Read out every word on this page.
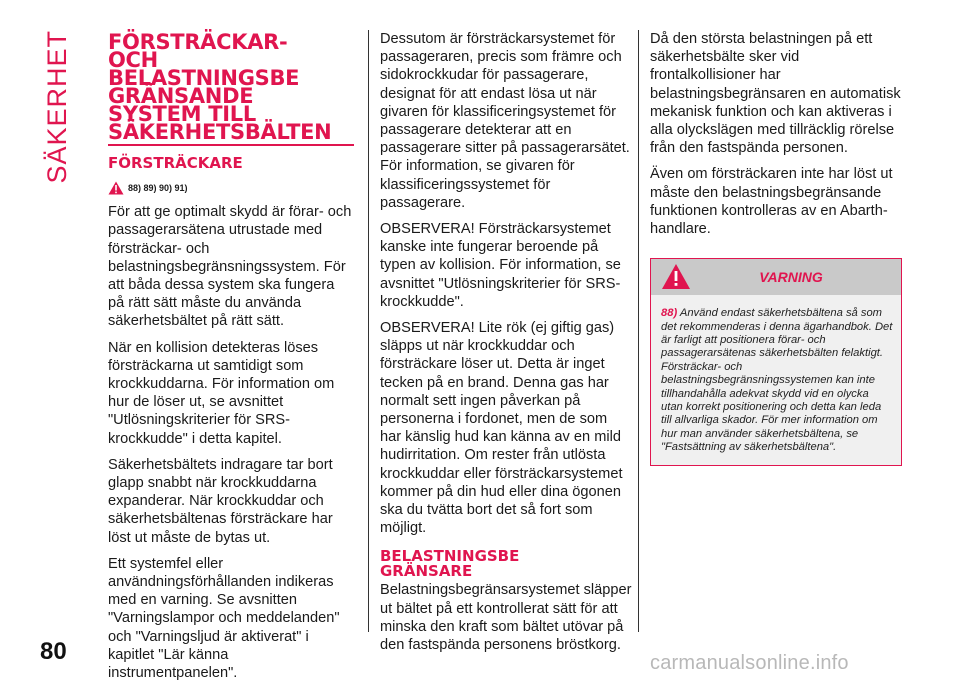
SÄKERHET FÖRSTRÄCKAR-
OCH
BELASTNINGSBE
GRÄNSANDE
SYSTEM TILL
SÄKERHETSBÄLTEN
FÖRSTRÄCKARE
88) 89) 90) 91)

För att ge optimalt skydd är förar- och passagerarsätena utrustade med försträckar- och belastningsbegränsningssystem. För att båda dessa system ska fungera på rätt sätt måste du använda säkerhetsbältet på rätt sätt.

När en kollision detekteras löses försträckarna ut samtidigt som krockkuddarna. För information om hur de löser ut, se avsnittet "Utlösningskriterier för SRS-krockkudde" i detta kapitel.

Säkerhetsbältets indragare tar bort glapp snabbt när krockkuddarna expanderar. När krockkuddar och säkerhetsbältenas försträckare har löst ut måste de bytas ut.

Ett systemfel eller användningsförhållanden indikeras med en varning. Se avsnitten "Varningslampor och meddelanden" och "Varningsljud är aktiverat" i kapitlet "Lär känna instrumentpanelen".

Dessutom är försträckarsystemet för passageraren, precis som främre och sidokrockkudar för passagerare, designat för att endast lösa ut när givaren för klassificeringsystemet för passagerare detekterar att en passagerare sitter på passagerarsätet. För information, se givaren för klassificeringssystemet för passagerare.

OBSERVERA! Försträckarsystemet kanske inte fungerar beroende på typen av kollision. För information, se avsnittet "Utlösningskriterier för SRS-krockkudde".

OBSERVERA! Lite rök (ej giftig gas) släpps ut när krockkuddar och försträckare löser ut. Detta är inget tecken på en brand. Denna gas har normalt sett ingen påverkan på personerna i fordonet, men de som har känslig hud kan känna av en mild hudirritation. Om rester från utlösta krockkuddar eller försträckarsystemet kommer på din hud eller dina ögonen ska du tvätta bort det så fort som möjligt.

BELASTNINGSBE
GRÄNSARE

Belastningsbegränsarsystemet släpper ut bältet på ett kontrollerat sätt för att minska den kraft som bältet utövar på den fastspända personens bröstkorg.

Då den största belastningen på ett säkerhetsbälte sker vid frontalkollisioner har belastningsbegränsaren en automatisk mekanisk funktion och kan aktiveras i alla olyckslägen med tillräcklig rörelse från den fastspända personen.

Även om försträckaren inte har löst ut måste den belastningsbegränsande funktionen kontrolleras av en Abarth-handlare.

VARNING
88) Använd endast säkerhetsbältena så som det rekommenderas i denna ägarhandbok. Det är farligt att positionera förar- och passagerarsätenas säkerhetsbälten felaktigt. Försträckar- och belastningsbegränsningssystemen kan inte tillhandahålla adekvat skydd vid en olycka utan korrekt positionering och detta kan leda till allvarliga skador. För mer information om hur man använder säkerhetsbältena, se "Fastsättning av säkerhetsbältena".
80	carmanualsonline.info
